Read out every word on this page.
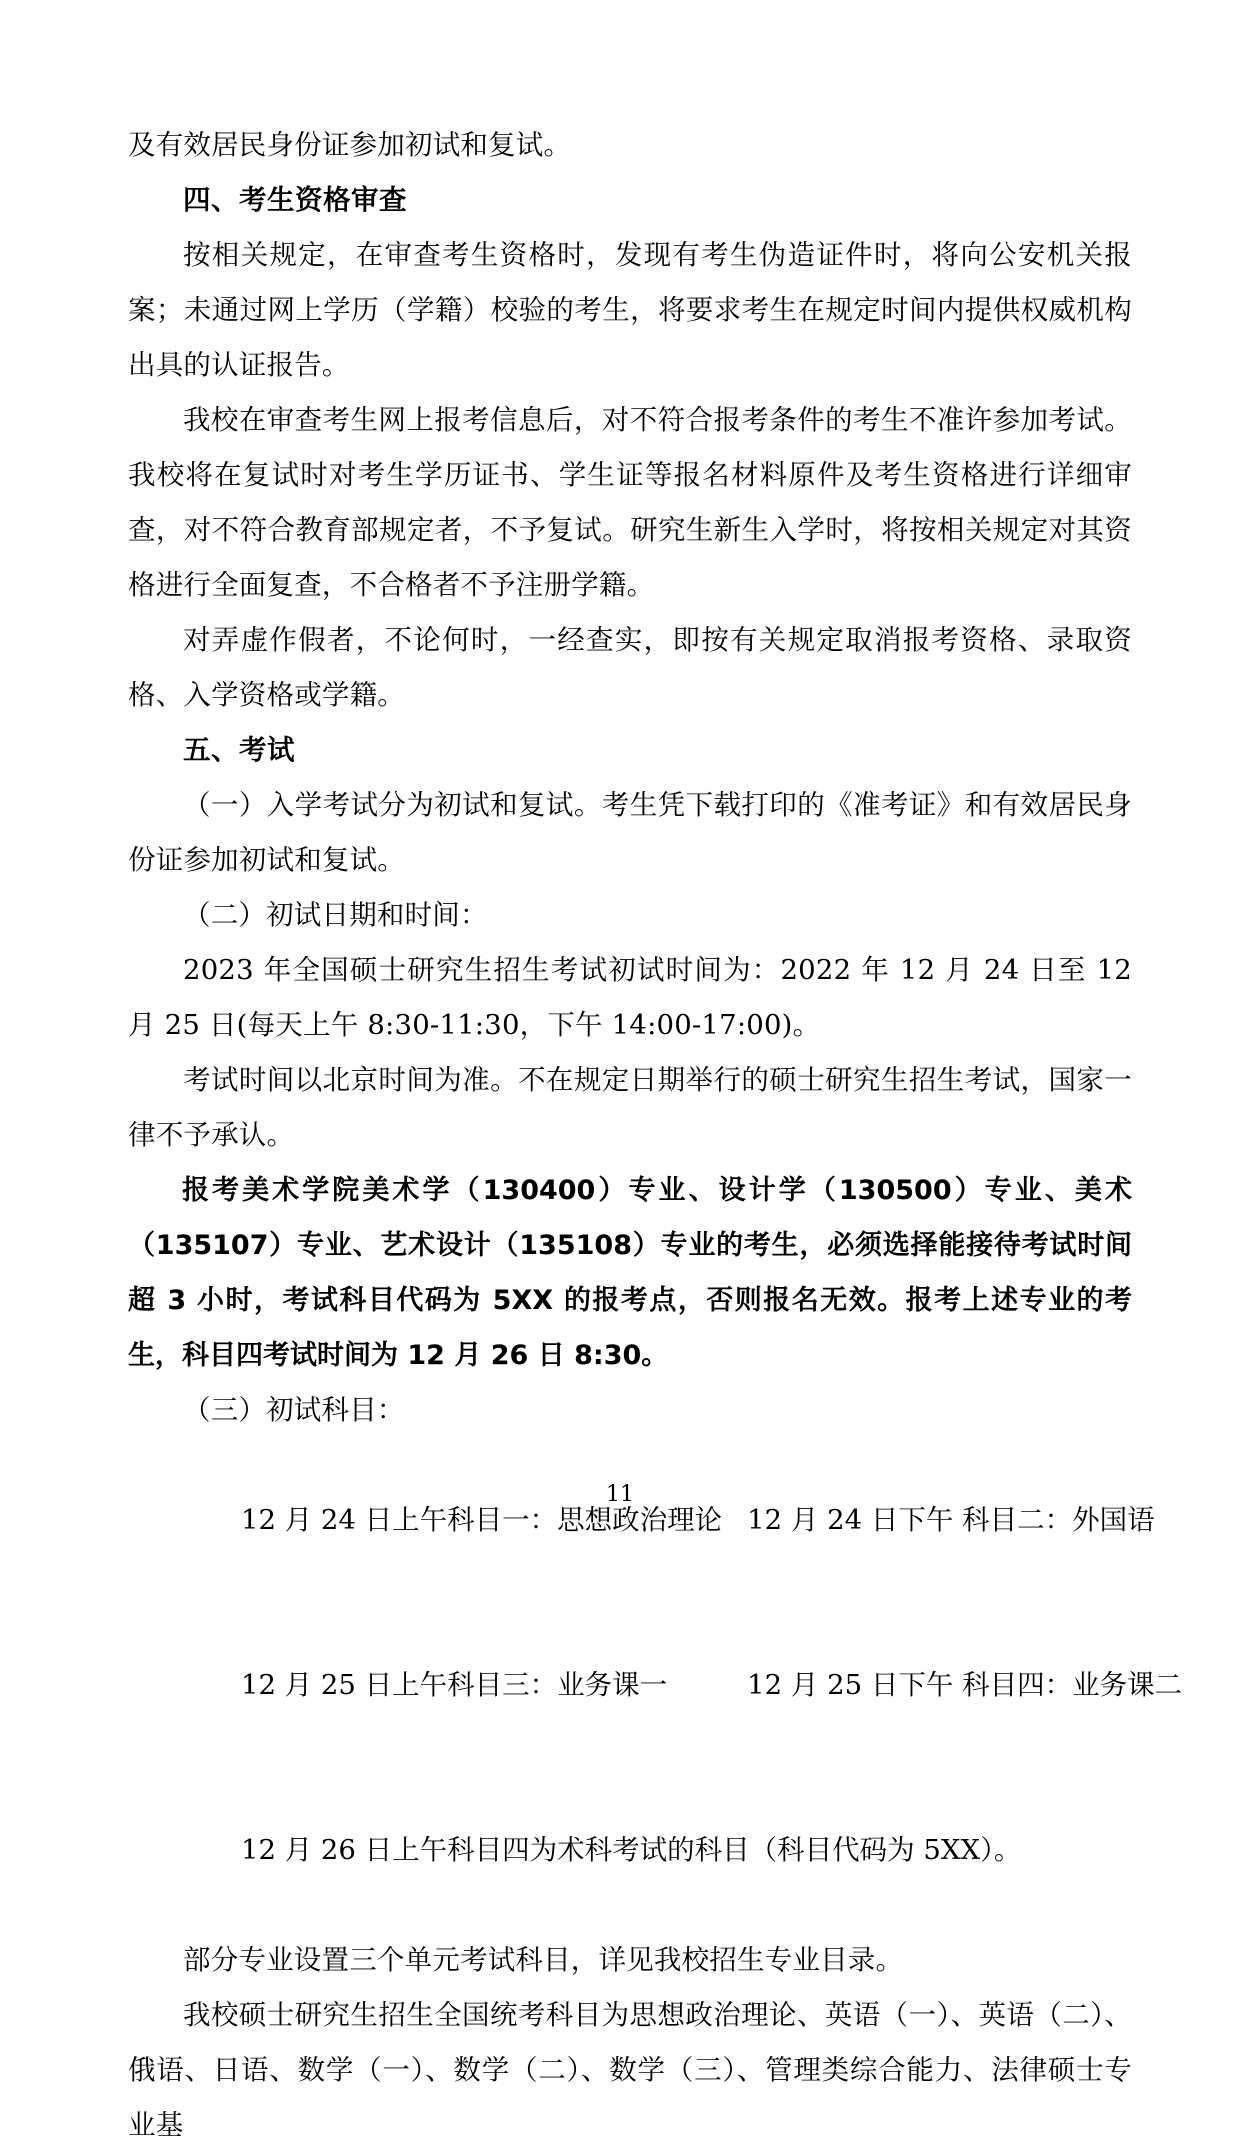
及有效居民身份证参加初试和复试。

四、考生资格审查

按相关规定，在审查考生资格时，发现有考生伪造证件时，将向公安机关报案；未通过网上学历（学籍）校验的考生，将要求考生在规定时间内提供权威机构出具的认证报告。

我校在审查考生网上报考信息后，对不符合报考条件的考生不准许参加考试。我校将在复试时对考生学历证书、学生证等报名材料原件及考生资格进行详细审查，对不符合教育部规定者，不予复试。研究生新生入学时，将按相关规定对其资格进行全面复查，不合格者不予注册学籍。

对弄虚作假者，不论何时，一经查实，即按有关规定取消报考资格、录取资格、入学资格或学籍。

五、考试

（一）入学考试分为初试和复试。考生凭下载打印的《准考证》和有效居民身份证参加初试和复试。

（二）初试日期和时间：

2023 年全国硕士研究生招生考试初试时间为：2022 年 12 月 24 日至 12 月 25 日(每天上午 8:30-11:30，下午 14:00-17:00)。

考试时间以北京时间为准。不在规定日期举行的硕士研究生招生考试，国家一律不予承认。

报考美术学院美术学（130400）专业、设计学（130500）专业、美术（135107）专业、艺术设计（135108）专业的考生，必须选择能接待考试时间超 3 小时，考试科目代码为 5XX 的报考点，否则报名无效。报考上述专业的考生，科目四考试时间为 12 月 26 日 8:30。

（三）初试科目：

12 月 24 日上午科目一：思想政治理论 12 月 24 日下午 科目二：外国语

12 月 25 日上午科目三：业务课一	12 月 25 日下午 科目四：业务课二

12 月 26 日上午科目四为术科考试的科目（科目代码为 5XX）。

部分专业设置三个单元考试科目，详见我校招生专业目录。

我校硕士研究生招生全国统考科目为思想政治理论、英语（一）、英语（二）、俄语、日语、数学（一）、数学（二）、数学（三）、管理类综合能力、法律硕士专业基

11
